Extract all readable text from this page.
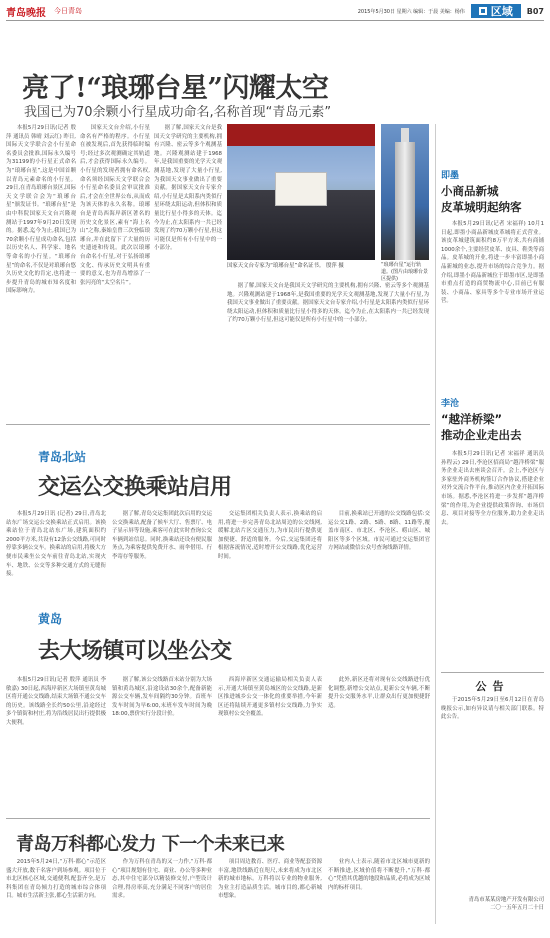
青岛晚报 今日青岛	2015年5月30日 星期六 编辑：于晨 美编：杨伟 区域 B07
亮了!“琅琊台星”闪耀太空
我国已为70余颗小行星成功命名,名称首现“青岛元素”

本报5月29日讯(记者 殷萍 通讯员 韩晴 刘云红) 昨日,国际天文学联合会小行星命名委员会批准,国际永久编号为31199的小行星正式命名为“琅琊台星”,这是中国首颗以青岛元素命名的小行星。29日,在青岛琅琊台景区,国际天文学联合会为“琅琊台星”颁发证书。“琅琊台星”是由中科院国家天文台兴隆观测站于1997年9月20日发现的。据悉,迄今为止,我国已为70余颗小行星成功命名,包括以历史名人、科学家、地名等命名的小行星。“琅琊台星”的命名,不仅是对琅琊台悠久历史文化的肯定,也将进一步提升青岛的城市知名度和国际影响力。

国家天文台介绍,小行星命名有严格的程序。小行星在被发现后,首先获得临时编号;经过多次观测确定其轨道后,才会获得国际永久编号。小行星的发现者拥有命名权,命名须经国际天文学联合会小行星命名委员会审议批准后,才会在全世界公布,从而成为该天体的永久名称。琅琊台是青岛西海岸新区著名的历史文化景区,素有“海上名山”之称,秦始皇曾三次登临琅琊台,并在此留下了大量的历史遗迹和传说。此次以琅琊台命名小行星,对于弘扬琅琊文化、传承历史文明具有重要的意义,也为青岛增添了一张闪亮的“太空名片”。

据了解,国家天文台是我国天文学研究的主要机构,拥有兴隆、密云等多个观测基地。兴隆观测站建于1968年,是我国重要的光学天文观测基地,发现了大量小行星,为我国天文事业做出了重要贡献。据国家天文台专家介绍,小行星是太阳系内类似行星环绕太阳运动,但体积和质量比行星小得多的天体。迄今为止,在太阳系内一共已经发现了约70万颗小行星,但这可能仅是所有小行星中的一小部分。

国家天文台专家为“琅琊台星”命名证书。 殷萍 摄	“琅琊台星”运行轨道。(图片由琅琊台景区提供)

据了解,国家天文台是我国天文学研究的主要机构,拥有兴隆、密云等多个观测基地。兴隆观测站建于1968年,是我国重要的光学天文观测基地,发现了大量小行星,为我国天文事业做出了重要贡献。据国家天文台专家介绍,小行星是太阳系内类似行星环绕太阳运动,但体积和质量比行星小得多的天体。迄今为止,在太阳系内一共已经发现了约70万颗小行星,但这可能仅是所有小行星中的一小部分。

即墨
小商品新城
皮革城明起纳客

本报5月29日讯(记者 宋福祥) 10月1日起,即墨小商品新城皮革城将正式营业。该皮革城建筑面积约8万平方米,共有商铺1000余个,主要经营皮革、皮具、鞋类等商品。皮革城的开业,将进一步丰富即墨小商品新城的业态,提升市场的综合竞争力。据介绍,即墨小商品新城位于即墨市区,是即墨市重点打造的商贸物流中心,目前已有服装、小商品、家具等多个专业市场开业运营。

李沧
“越洋桥梁”
推动企业走出去

本报5月29日讯(记者 宋福祥 通讯员 孙程云) 29日,李沧区招商局“越洋桥梁”服务企业走出去座谈会召开。会上,李沧区与多家驻外商务机构签订合作协议,搭建企业对外交流合作平台,推动区内企业开拓国际市场。据悉,李沧区将进一步发挥“越洋桥梁”的作用,为企业提供政策咨询、市场信息、项目对接等全方位服务,助力企业走出去。

公告

于2015年5月29日至6月12日在青岛晚报公示,如有异议请与相关部门联系。特此公告。

青岛市某某房地产开发有限公司
二〇一五年五月二十日
青岛北站
交运公交换乘站启用

本报5月29日讯 (记者) 29日,青岛北站东广场交运公交换乘站正式启用。该换乘站位于青岛北站东广场,建筑面积约2000平方米,共设有12条公交线路,可同时停靠多辆公交车。换乘站的启用,将极大方便市民乘坐公交车前往青岛北站,实现火车、地铁、公交等多种交通方式的无缝衔接。

据了解,青岛交运集团此次启用的交运公交换乘站,配备了候车大厅、售票厅、电子显示屏等设施,乘客可在此实时查询公交车辆到站信息。同时,换乘站还设有便民服务点,为乘客提供免费开水、雨伞借用、行李寄存等服务。

交运集团相关负责人表示,换乘站的启用,将进一步完善青岛北站周边的公交线网,缓解北站片区交通压力,为市民出行提供更加便捷、舒适的服务。今后,交运集团还将根据客流情况,适时增开公交线路,优化运营时间。

目前,换乘站已开通的公交线路包括:交运公交1路、2路、5路、8路、11路等,覆盖市南区、市北区、李沧区、崂山区、城阳区等多个区域。市民可通过交运集团官方网站或微信公众号查询线路详情。

黄岛
去大场镇可以坐公交

本报5月29日讯(记者 殷萍 通讯员 李敏嘉) 30日起,西海岸新区大场镇至黄岛城区将开通公交线路,结束大场镇不通公交车的历史。该线路全长约50公里,沿途经过多个镇街和村庄,将为沿线居民出行提供极大便利。

据了解,该公交线路首末站分别为大场镇和黄岛城区,沿途设站30余个,配备新能源公交车辆,发车间隔约30分钟。首班车发车时间为早6:00,末班车发车时间为晚18:00,票价实行分段计价。

西海岸新区交通运输局相关负责人表示,开通大场镇至黄岛城区的公交线路,是新区推进城乡公交一体化的重要举措,今年新区还将陆续开通更多镇村公交线路,力争实现镇村公交全覆盖。

此外,新区还将对现有公交线路进行优化调整,新增公交站点,更新公交车辆,不断提升公交服务水平,让群众出行更加便捷舒适。

青岛万科都心发力 下一个未来已来

2015年5月24日,“万科·都心”示范区盛大开放,数千名客户到场参观。项目位于市北区核心区域,交通便利,配套齐全,是万科集团在青岛倾力打造的城市综合体项目。城市生活新主张,都心生活新方向。

作为万科在青岛的又一力作,“万科·都心”项目规划有住宅、商业、办公等多种业态,其中住宅部分以精装修交付,户型设计合理,得房率高,充分满足不同客户的居住需求。

项目周边教育、医疗、商业等配套资源丰富,地铁线路近在咫尺,未来将成为市北区新的城市地标。万科将以专业的物业服务,为业主打造品质生活。城市目的,都心新城市想象。

业内人士表示,随着市北区城市更新的不断推进,区域价值将不断提升,“万科·都心”凭借其优越的地段和品质,必将成为区域内的标杆项目。
